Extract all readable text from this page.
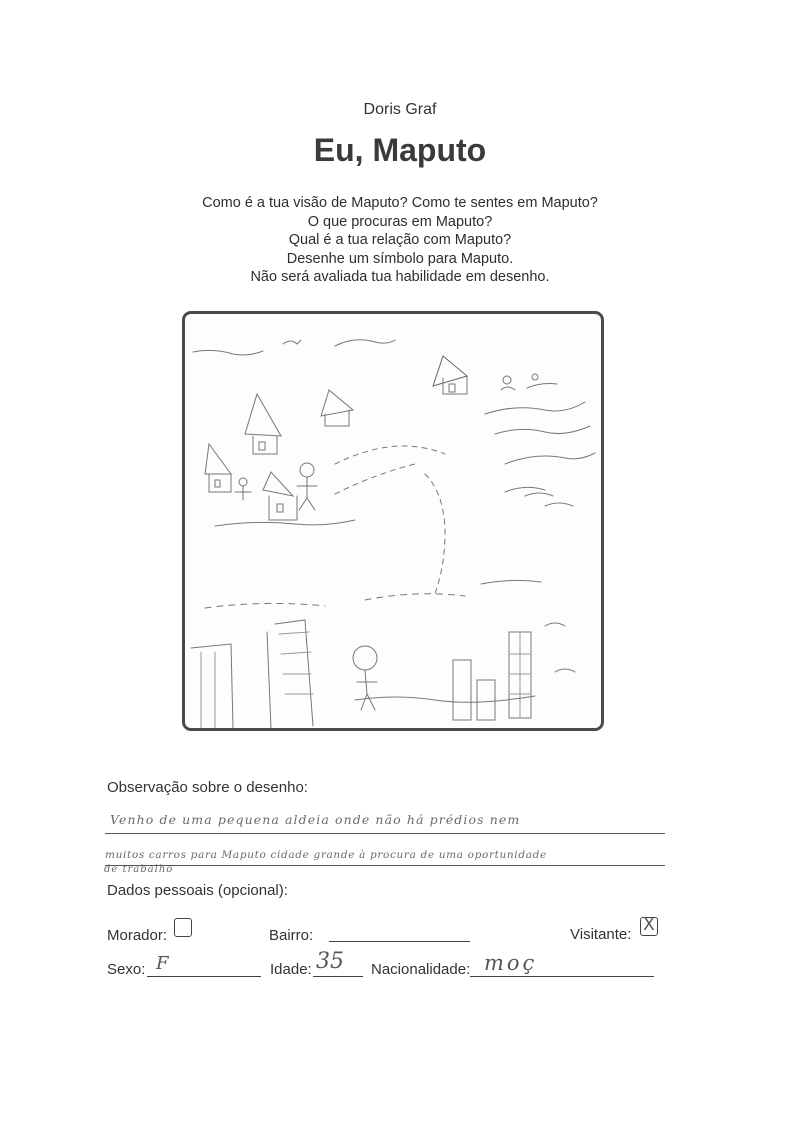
Doris Graf
Eu, Maputo
Como é a tua visão de Maputo? Como te sentes em Maputo?
O que procuras em Maputo?
Qual é a tua relação com Maputo?
Desenhe um símbolo para Maputo.
Não será avaliada tua habilidade em desenho.
Observação sobre o desenho:
Venho de uma pequena aldeia onde não há prédios nem
muitos carros para Maputo cidade grande à procura de uma oportunidade
de trabalho
Dados pessoais (opcional):
Morador:	Bairro:	Visitante: X
Sexo: F	Idade: 35 Nacionalidade: moç
